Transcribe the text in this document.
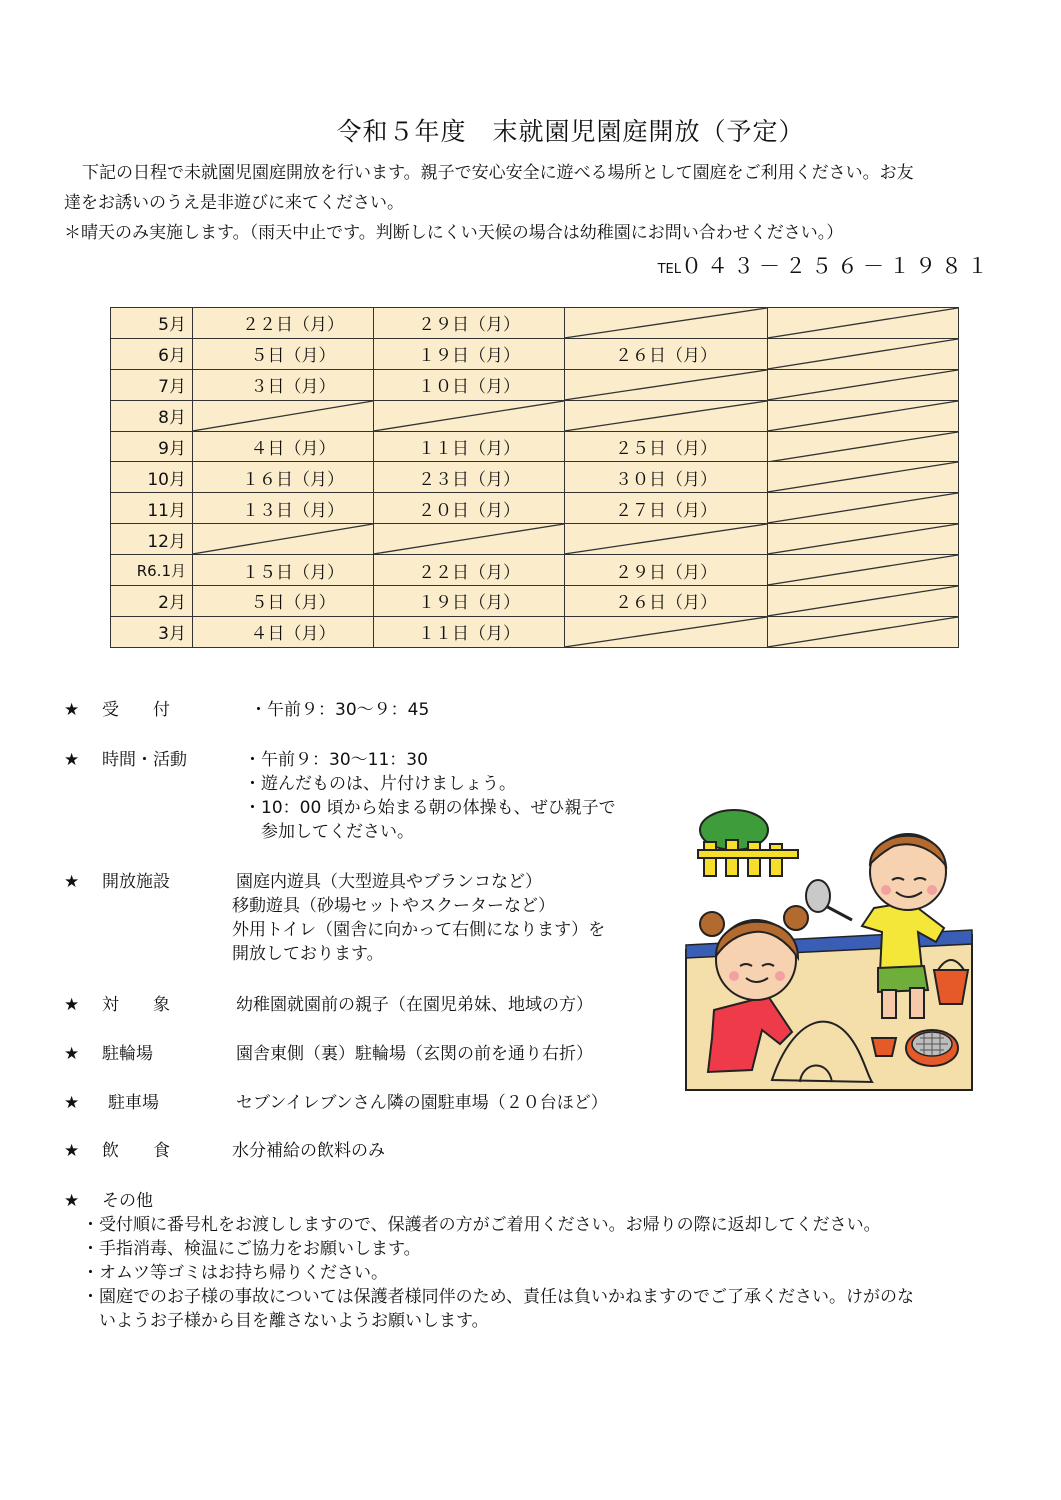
令和５年度　末就園児園庭開放（予定）
下記の日程で未就園児園庭開放を行います。親子で安心安全に遊べる場所として園庭をご利用ください。お友
達をお誘いのうえ是非遊びに来てください。
＊晴天のみ実施します。（雨天中止です。判断しにくい天候の場合は幼稚園にお問い合わせください。）
TEL０４３－２５６－１９８１
5月	２２日（月）	２９日（月）

6月	５日（月）	１９日（月）	２６日（月）

7月	３日（月）	１０日（月）

8月	

9月	４日（月）	１１日（月）	２５日（月）

10月	１６日（月）	２３日（月）	３０日（月）

11月	１３日（月）	２０日（月）	２７日（月）

12月	

R6.1月	１５日（月）	２２日（月）	２９日（月）

2月	５日（月）	１９日（月）	２６日（月）

3月	４日（月）	１１日（月）

★ 受　　付	・午前９：30～９：45
★ 時間・活動	・午前９：30～11：30
・遊んだものは、片付けましょう。
・10：00 頃から始まる朝の体操も、ぜひ親子で
　参加してください。
★ 開放施設	園庭内遊具（大型遊具やブランコなど）
移動遊具（砂場セットやスクーターなど）
外用トイレ（園舎に向かって右側になります）を
開放しております。
★ 対　　象	幼稚園就園前の親子（在園児弟妹、地域の方）
★ 駐輪場	園舎東側（裏）駐輪場（玄関の前を通り右折）
★ 駐車場	セブンイレブンさん隣の園駐車場（２０台ほど）
★ 飲　　食	水分補給の飲料のみ
★ その他
・受付順に番号札をお渡ししますので、保護者の方がご着用ください。お帰りの際に返却してください。
・手指消毒、検温にご協力をお願いします。
・オムツ等ゴミはお持ち帰りください。
・園庭でのお子様の事故については保護者様同伴のため、責任は負いかねますのでご了承ください。けがのな
　いようお子様から目を離さないようお願いします。
